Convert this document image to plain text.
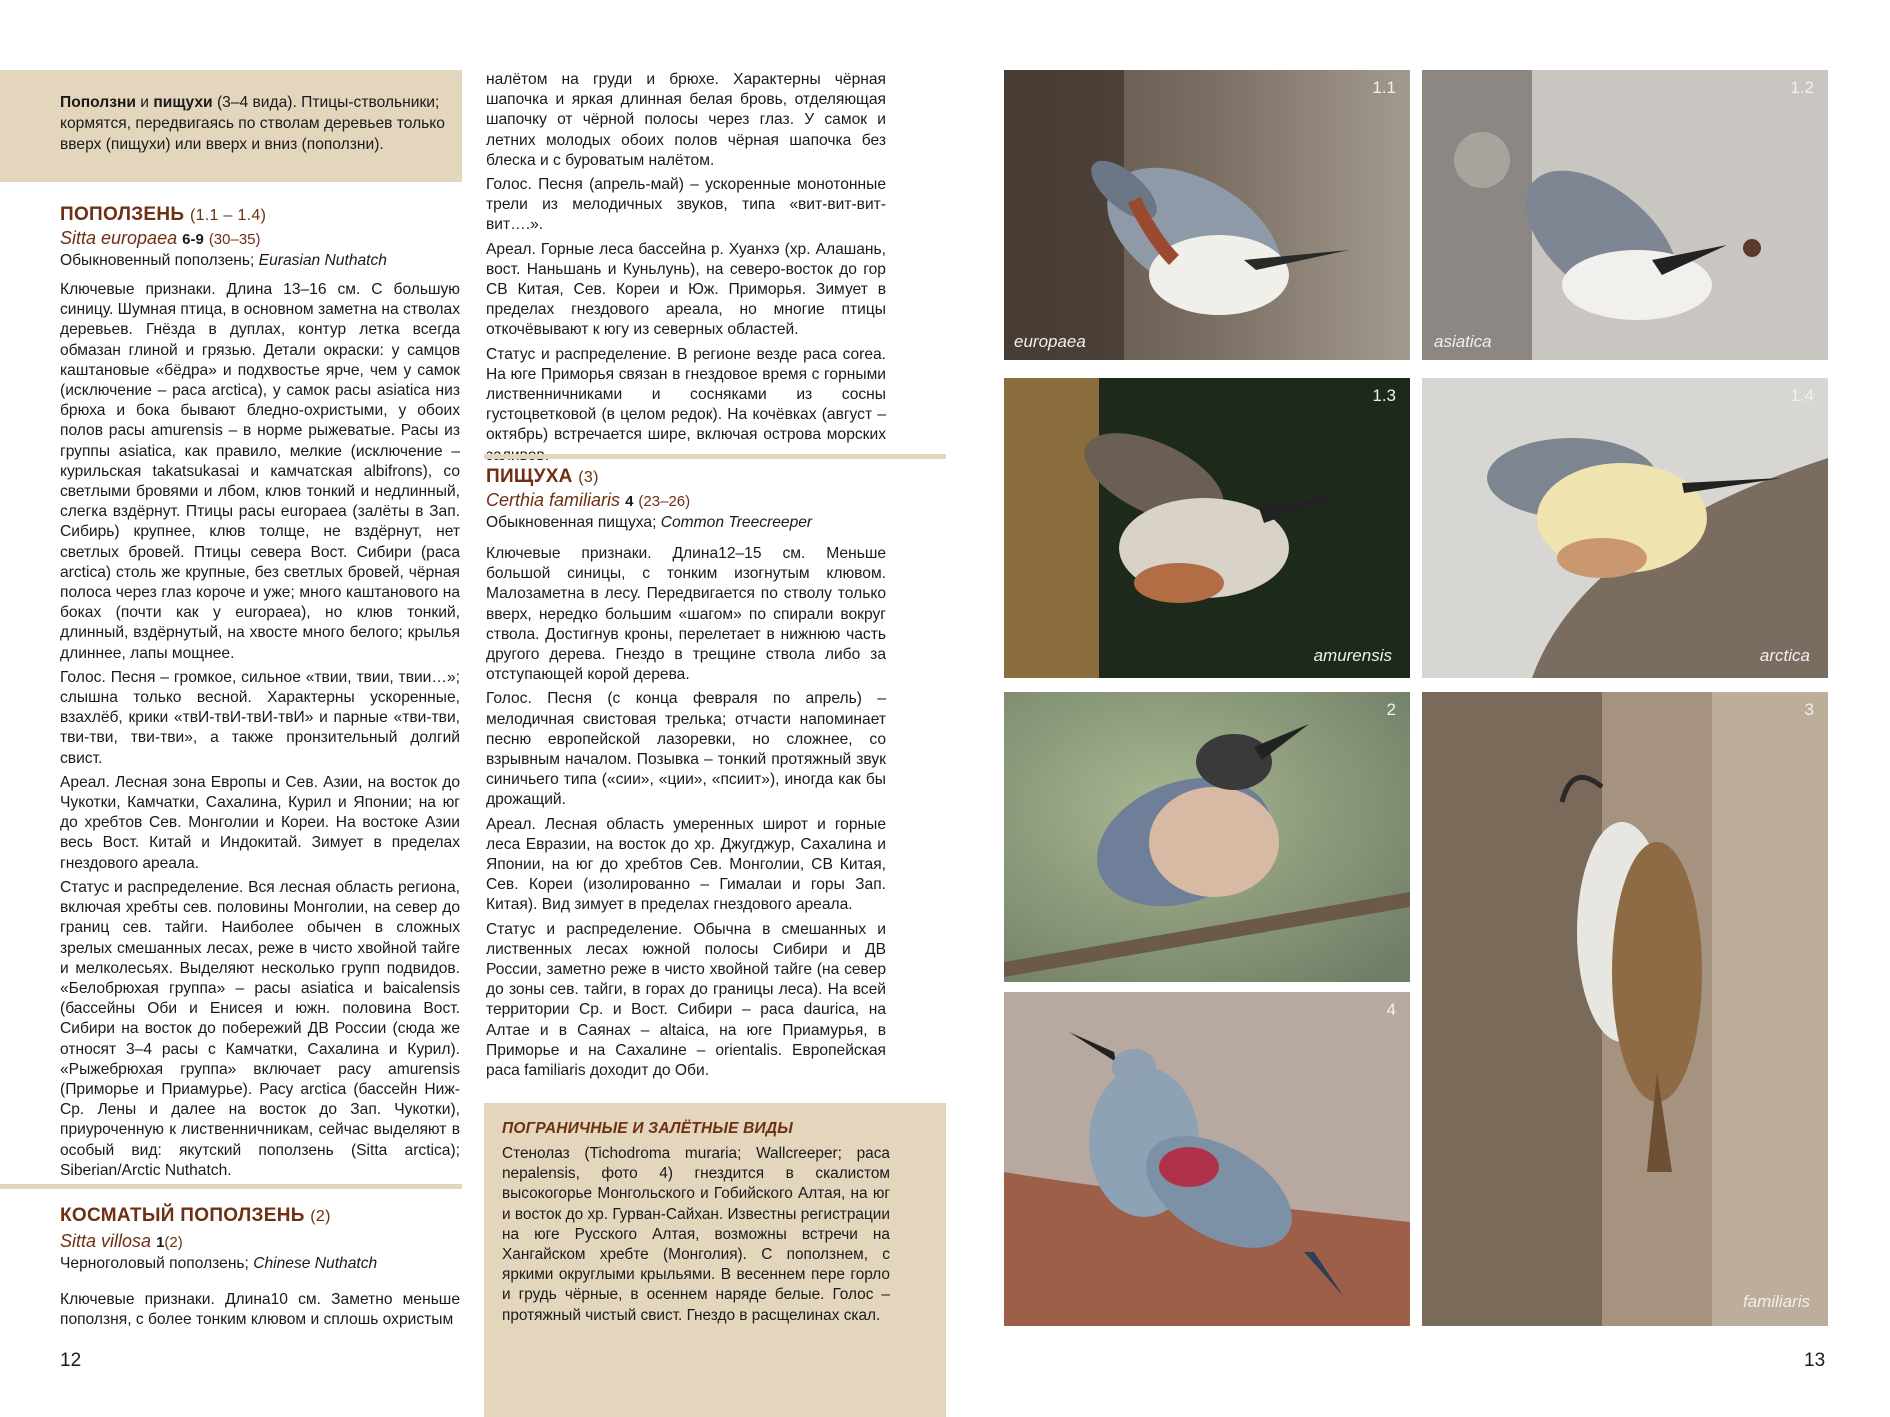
Поползни и пищухи (3–4 вида). Птицы-ствольники; кормятся, передвигаясь по стволам деревьев только вверх (пищухи) или вверх и вниз (поползни).
ПОПОЛЗЕНЬ (1.1 – 1.4)
Sitta europaea 6-9 (30–35)
Обыкновенный поползень; Eurasian Nuthatch

Ключевые признаки. Длина 13–16 см. С большую синицу. Шумная птица, в основном заметна на стволах деревьев. Гнёзда в дуплах, контур летка всегда обмазан глиной и грязью. Детали окраски: у самцов каштановые «бёдра» и подхвостье ярче, чем у самок (исключение – раса arctica), у самок расы asiatica низ брюха и бока бывают бледно-охристыми, у обоих полов расы amurensis – в норме рыжеватые. Расы из группы asiatica, как правило, мелкие (исключение – курильская takatsukasai и камчатская albifrons), со светлыми бровями и лбом, клюв тонкий и недлинный, слегка вздёрнут. Птицы расы europaea (залёты в Зап. Сибирь) крупнее, клюв толще, не вздёрнут, нет светлых бровей. Птицы севера Вост. Сибири (раса arctica) столь же крупные, без светлых бровей, чёрная полоса через глаз короче и уже; много каштанового на боках (почти как у europaea), но клюв тонкий, длинный, вздёрнутый, на хвосте много белого; крылья длиннее, лапы мощнее.

Голос. Песня – громкое, сильное «твии, твии, твии…»; слышна только весной. Характерны ускоренные, взахлёб, крики «твИ-твИ-твИ-твИ» и парные «тви-тви, тви-тви, тви-тви», а также пронзительный долгий свист.

Ареал. Лесная зона Европы и Сев. Азии, на восток до Чукотки, Камчатки, Сахалина, Курил и Японии; на юг до хребтов Сев. Монголии и Кореи. На востоке Азии весь Вост. Китай и Индокитай. Зимует в пределах гнездового ареала.

Статус и распределение. Вся лесная область региона, включая хребты сев. половины Монголии, на север до границ сев. тайги. Наиболее обычен в сложных зрелых смешанных лесах, реже в чисто хвойной тайге и мелколесьях. Выделяют несколько групп подвидов. «Белобрюхая группа» – расы asiatica и baicalensis (бассейны Оби и Енисея и южн. половина Вост. Сибири на восток до побережий ДВ России (сюда же относят 3–4 расы с Камчатки, Сахалина и Курил). «Рыжебрюхая группа» включает расу amurensis (Приморье и Приамурье). Расу arctica (бассейн Ниж-Ср. Лены и далее на восток до Зап. Чукотки), приуроченную к лиственничникам, сейчас выделяют в особый вид: якутский поползень (Sitta arctica); Siberian/Arctic Nuthatch.

КОСМАТЫЙ ПОПОЛЗЕНЬ (2)
Sitta villosa 1(2)
Черноголовый поползень; Chinese Nuthatch

Ключевые признаки. Длина10 см. Заметно меньше поползня, с более тонким клювом и сплошь охристым

12

налётом на груди и брюхе. Характерны чёрная шапочка и яркая длинная белая бровь, отделяющая шапочку от чёрной полосы через глаз. У самок и летних молодых обоих полов чёрная шапочка без блеска и с буроватым налётом.

Голос. Песня (апрель-май) – ускоренные монотонные трели из мелодичных звуков, типа «вит-вит-вит-вит….».

Ареал. Горные леса бассейна р. Хуанхэ (хр. Алашань, вост. Наньшань и Куньлунь), на северо-восток до гор СВ Китая, Сев. Кореи и Юж. Приморья. Зимует в пределах гнездового ареала, но многие птицы откочёвывают к югу из северных областей.

Статус и распределение. В регионе везде раса corea. На юге Приморья связан в гнездовое время с горными лиственничниками и сосняками из сосны густоцветковой (в целом редок). На кочёвках (август – октябрь) встречается шире, включая острова морских

ПИЩУХА (3)
Certhia familiaris 4 (23–26)
Обыкновенная пищуха; Common Treecreeper

Ключевые признаки. Длина12–15 см. Меньше большой синицы, с тонким изогнутым клювом. Малозаметна в лесу. Передвигается по стволу только вверх, нередко большим «шагом» по спирали вокруг ствола. Достигнув кроны, перелетает в нижнюю часть другого дерева. Гнездо в трещине ствола либо за отступающей корой дерева.

Голос. Песня (с конца февраля по апрель) – мелодичная свистовая трелька; отчасти напоминает песню европейской лазоревки, но сложнее, со взрывным началом. Позывка – тонкий протяжный звук синичьего типа («сии», «ции», «псиит»), иногда как бы дрожащий.

Ареал. Лесная область умеренных широт и горные леса Евразии, на восток до хр. Джугджур, Сахалина и Японии, на юг до хребтов Сев. Монголии, СВ Китая, Сев. Кореи (изолированно – Гималаи и горы Зап. Китая). Вид зимует в пределах гнездового ареала.

Статус и распределение. Обычна в смешанных и лиственных лесах южной полосы Сибири и ДВ России, заметно реже в чисто хвойной тайге (на север до зоны сев. тайги, в горах до границы леса). На всей территории Ср. и Вост. Сибири – раса daurica, на Алтае и в Саянах – altaica, на юге Приамурья, в Приморье и на Сахалине – orientalis. Европейская раса familiaris доходит до Оби.

ПОГРАНИЧНЫЕ И ЗАЛЁТНЫЕ ВИДЫ
Стенолаз (Tichodroma muraria; Wallcreeper; раса nepalensis, фото 4) гнездится в скалистом высокогорье Монгольского и Гобийского Алтая, на юг и восток до хр. Гурван-Сайхан. Известны регистрации на юге Русского Алтая, возможны встречи на Хангайском хребте (Монголия). С поползнем, с яркими округлыми крыльями. В весеннем пере горло и грудь чёрные, в осеннем наряде белые. Голос – протяжный чистый свист. Гнездо в расщелинах скал.
1.1
europaea
1.2
asiatica
1.3
amurensis
1.4
arctica
2
4
3
familiaris
13
